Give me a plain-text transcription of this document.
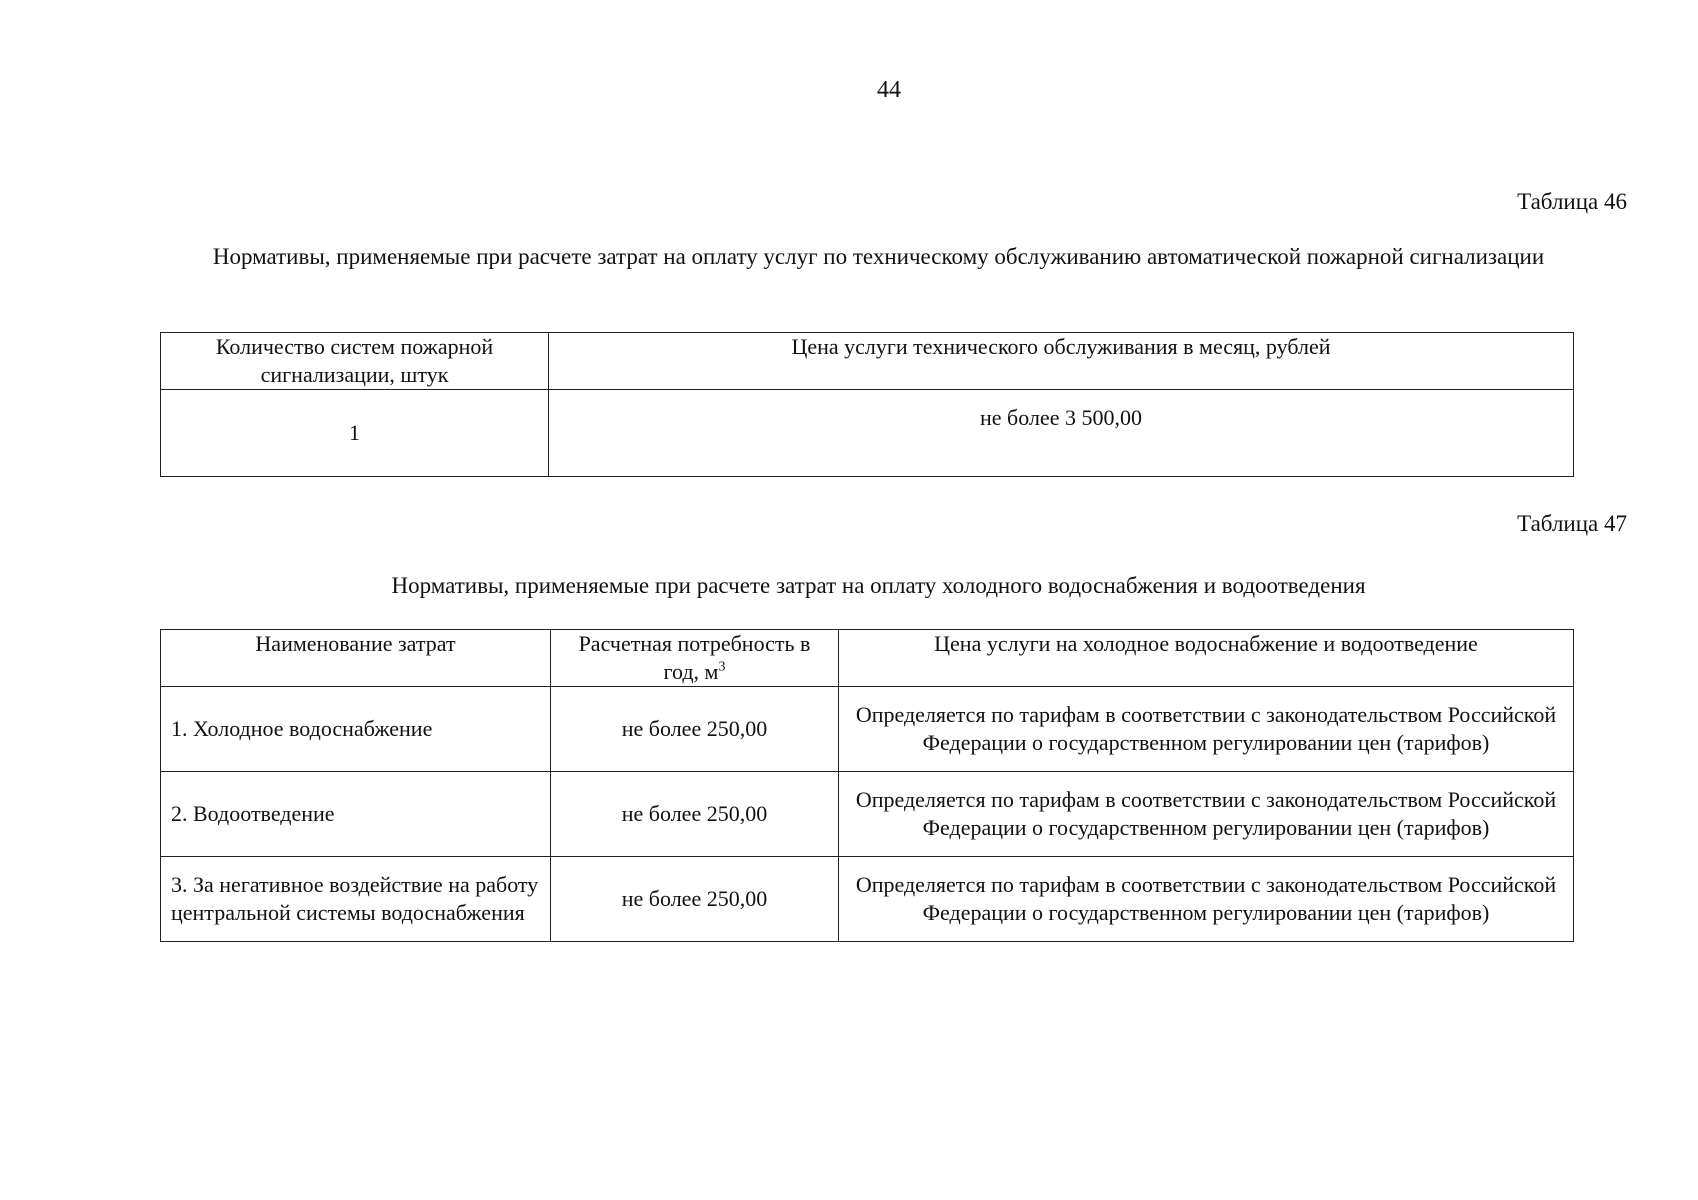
44
Таблица 46
Нормативы, применяемые при расчете затрат на оплату услуг по техническому обслуживанию автоматической пожарной сигнализации
Количество систем пожарной сигнализации, штук	Цена услуги технического обслуживания в месяц, рублей
1	не более 3 500,00
Таблица 47
Нормативы, применяемые при расчете затрат на оплату холодного водоснабжения и водоотведения
Наименование затрат	Расчетная потребность в год, $м^3$	Цена услуги на холодное водоснабжение и водоотведение
1. Холодное водоснабжение	не более 250,00	Определяется по тарифам в соответствии с законодательством Российской Федерации о государственном регулировании цен (тарифов)
2. Водоотведение	не более 250,00	Определяется по тарифам в соответствии с законодательством Российской Федерации о государственном регулировании цен (тарифов)
3. За негативное воздействие на работу центральной системы водоснабжения	не более 250,00	Определяется по тарифам в соответствии с законодательством Российской Федерации о государственном регулировании цен (тарифов)
